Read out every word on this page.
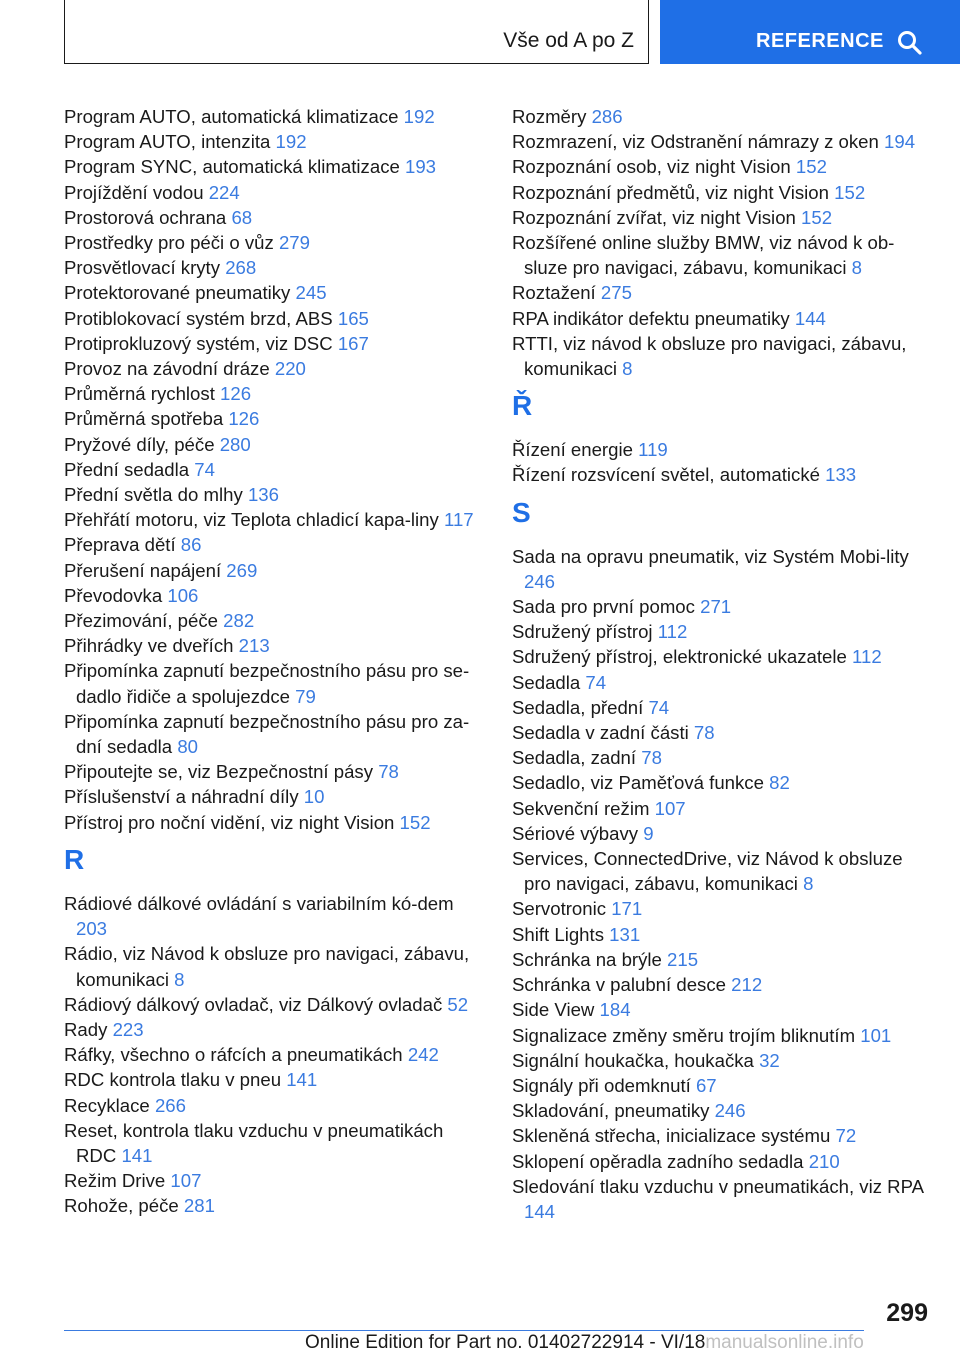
Vše od A po Z	REFERENCE
Program AUTO, automatická klimatizace 192
Program AUTO, intenzita 192
Program SYNC, automatická klimatizace 193
Projíždění vodou 224
Prostorová ochrana 68
Prostředky pro péči o vůz 279
Prosvětlovací kryty 268
Protektorované pneumatiky 245
Protiblokovací systém brzd, ABS 165
Protiprokluzový systém, viz DSC 167
Provoz na závodní dráze 220
Průměrná rychlost 126
Průměrná spotřeba 126
Pryžové díly, péče 280
Přední sedadla 74
Přední světla do mlhy 136
Přehřátí motoru, viz Teplota chladicí kapa-liny 117
Přeprava dětí 86
Přerušení napájení 269
Převodovka 106
Přezimování, péče 282
Přihrádky ve dveřích 213
Připomínka zapnutí bezpečnostního pásu pro se-dadlo řidiče a spolujezdce 79
Připomínka zapnutí bezpečnostního pásu pro za-dní sedadla 80
Připoutejte se, viz Bezpečnostní pásy 78
Příslušenství a náhradní díly 10
Přístroj pro noční vidění, viz night Vision 152
R
Rádiové dálkové ovládání s variabilním kó-dem 203
Rádio, viz Návod k obsluze pro navigaci, zábavu, komunikaci 8
Rádiový dálkový ovladač, viz Dálkový ovladač 52
Rady 223
Ráfky, všechno o ráfcích a pneumatikách 242
RDC kontrola tlaku v pneu 141
Recyklace 266
Reset, kontrola tlaku vzduchu v pneumatikách RDC 141
Režim Drive 107
Rohože, péče 281
Rozměry 286
Rozmrazení, viz Odstranění námrazy z oken 194
Rozpoznání osob, viz night Vision 152
Rozpoznání předmětů, viz night Vision 152
Rozpoznání zvířat, viz night Vision 152
Rozšířené online služby BMW, viz návod k ob-sluze pro navigaci, zábavu, komunikaci 8
Roztažení 275
RPA indikátor defektu pneumatiky 144
RTTI, viz návod k obsluze pro navigaci, zábavu, komunikaci 8
Ř
Řízení energie 119
Řízení rozsvícení světel, automatické 133
S
Sada na opravu pneumatik, viz Systém Mobi-lity 246
Sada pro první pomoc 271
Sdružený přístroj 112
Sdružený přístroj, elektronické ukazatele 112
Sedadla 74
Sedadla, přední 74
Sedadla v zadní části 78
Sedadla, zadní 78
Sedadlo, viz Paměťová funkce 82
Sekvenční režim 107
Sériové výbavy 9
Services, ConnectedDrive, viz Návod k obsluze pro navigaci, zábavu, komunikaci 8
Servotronic 171
Shift Lights 131
Schránka na brýle 215
Schránka v palubní desce 212
Side View 184
Signalizace změny směru trojím bliknutím 101
Signální houkačka, houkačka 32
Signály při odemknutí 67
Skladování, pneumatiky 246
Skleněná střecha, inicializace systému 72
Sklopení opěradla zadního sedadla 210
Sledování tlaku vzduchu v pneumatikách, viz RPA 144
299
Online Edition for Part no. 01402722914 - VI/18manualsonline.info
